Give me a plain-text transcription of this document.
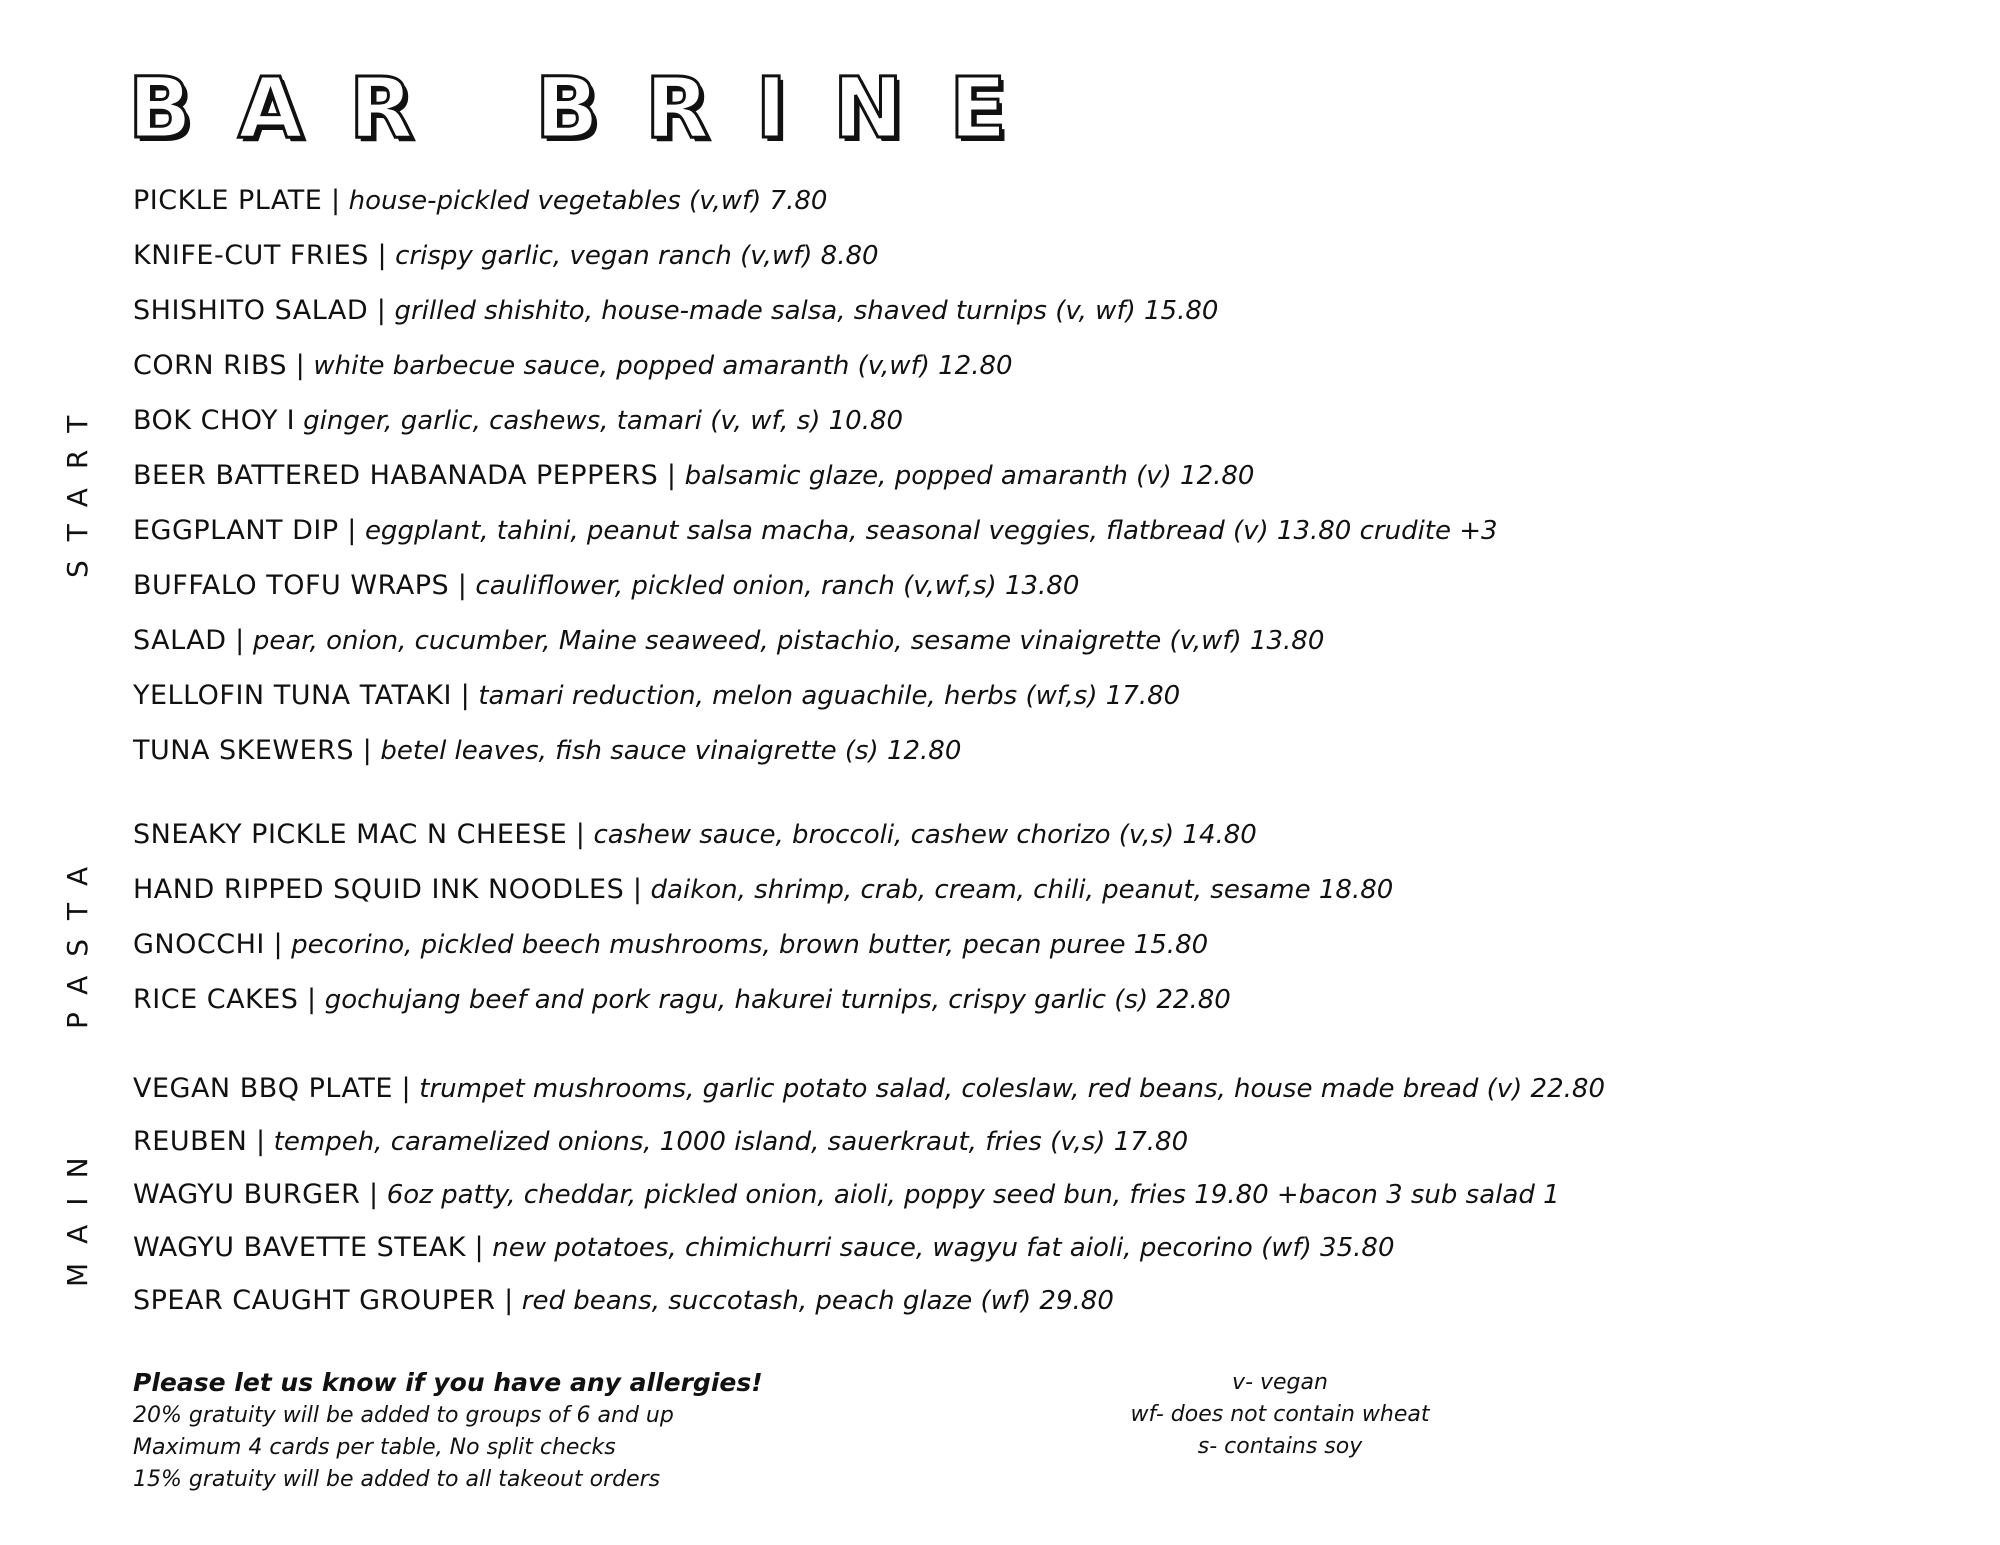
BAR BRINE
START
PASTA
MAIN
PICKLE PLATE | house-pickled vegetables (v,wf) 7.80
KNIFE-CUT FRIES | crispy garlic, vegan ranch (v,wf) 8.80
SHISHITO SALAD | grilled shishito, house-made salsa, shaved turnips (v, wf) 15.80
CORN RIBS | white barbecue sauce, popped amaranth (v,wf) 12.80
BOK CHOY I ginger, garlic, cashews, tamari (v, wf, s) 10.80
BEER BATTERED HABANADA PEPPERS | balsamic glaze, popped amaranth (v) 12.80
EGGPLANT DIP | eggplant, tahini, peanut salsa macha, seasonal veggies, flatbread (v) 13.80 crudite +3
BUFFALO TOFU WRAPS | cauliflower, pickled onion, ranch (v,wf,s) 13.80
SALAD | pear, onion, cucumber, Maine seaweed, pistachio, sesame vinaigrette (v,wf) 13.80
YELLOFIN TUNA TATAKI | tamari reduction, melon aguachile, herbs (wf,s) 17.80
TUNA SKEWERS | betel leaves, fish sauce vinaigrette (s) 12.80
SNEAKY PICKLE MAC N CHEESE | cashew sauce, broccoli, cashew chorizo (v,s) 14.80
HAND RIPPED SQUID INK NOODLES | daikon, shrimp, crab, cream, chili, peanut, sesame 18.80
GNOCCHI | pecorino, pickled beech mushrooms, brown butter, pecan puree 15.80
RICE CAKES | gochujang beef and pork ragu, hakurei turnips, crispy garlic (s) 22.80
VEGAN BBQ PLATE | trumpet mushrooms, garlic potato salad, coleslaw, red beans, house made bread (v) 22.80
REUBEN | tempeh, caramelized onions, 1000 island, sauerkraut, fries (v,s) 17.80
WAGYU BURGER | 6oz patty, cheddar, pickled onion, aioli, poppy seed bun, fries 19.80 +bacon 3 sub salad 1
WAGYU BAVETTE STEAK | new potatoes, chimichurri sauce, wagyu fat aioli, pecorino (wf) 35.80
SPEAR CAUGHT GROUPER | red beans, succotash, peach glaze (wf) 29.80

Please let us know if you have any allergies!

20% gratuity will be added to groups of 6 and up

Maximum 4 cards per table, No split checks

15% gratuity will be added to all takeout orders

v- vegan

wf- does not contain wheat

s- contains soy
